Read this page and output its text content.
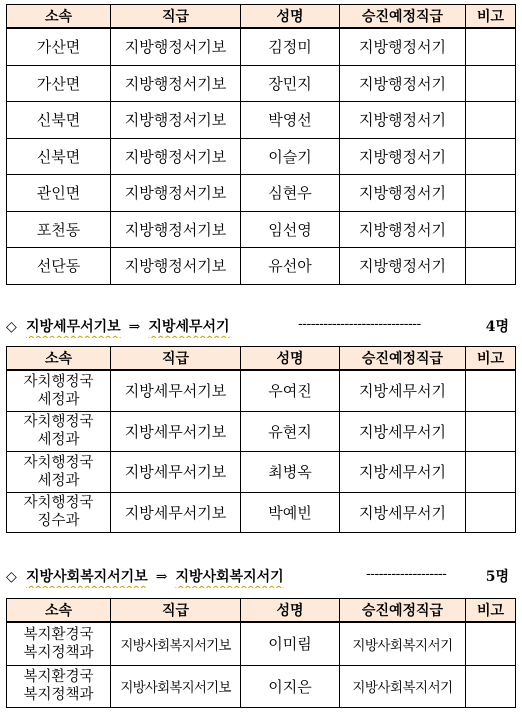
소속	직급	성명	승진예정직급	비고
가산면	지방행정서기보	김정미	지방행정서기	
가산면	지방행정서기보	장민지	지방행정서기	
신북면	지방행정서기보	박영선	지방행정서기	
신북면	지방행정서기보	이슬기	지방행정서기	
관인면	지방행정서기보	심현우	지방행정서기	
포천동	지방행정서기보	임선영	지방행정서기	
선단동	지방행정서기보	유선아	지방행정서기	
◇ 지방세무서기보 ⇒ 지방세무서기	-----------------------------	4명
소속	직급	성명	승진예정직급	비고

자치행정국
세정과	지방세무서기보	우여진	지방세무서기	

자치행정국
세정과	지방세무서기보	유현지	지방세무서기	

자치행정국
세정과	지방세무서기보	최병옥	지방세무서기	

자치행정국
징수과	지방세무서기보	박예빈	지방세무서기	
◇ 지방사회복지서기보 ⇒ 지방사회복지서기	-------------------	5명
소속	직급	성명	승진예정직급	비고

복지환경국
복지정책과	지방사회복지서기보	이미림	지방사회복지서기	

복지환경국
복지정책과	지방사회복지서기보	이지은	지방사회복지서기	
